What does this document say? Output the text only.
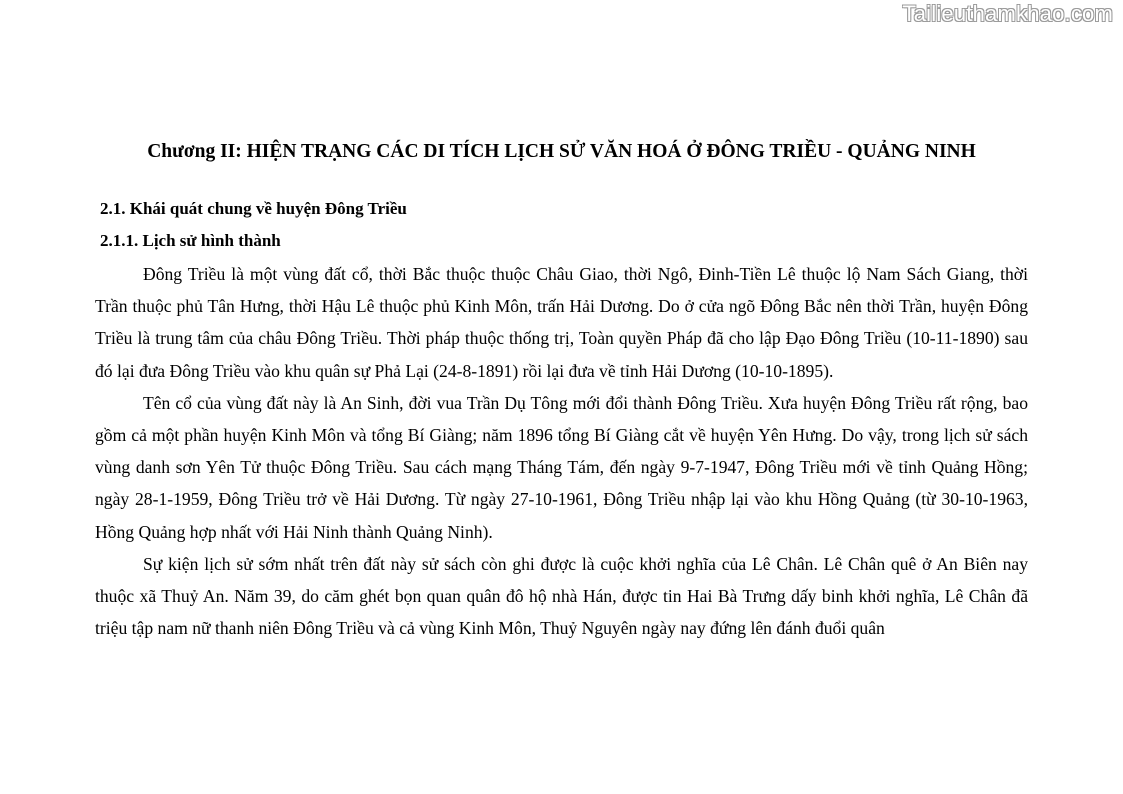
Tailieuthamkhao.com
Chương II: HIỆN TRẠNG CÁC DI TÍCH LỊCH SỬ VĂN HOÁ Ở ĐÔNG TRIỀU - QUẢNG NINH
2.1. Khái quát chung về huyện Đông Triều
2.1.1. Lịch sử hình thành

Đông Triều là một vùng đất cổ, thời Bắc thuộc thuộc Châu Giao, thời Ngô, Đinh-Tiền Lê thuộc lộ Nam Sách Giang, thời Trần thuộc phủ Tân Hưng, thời Hậu Lê thuộc phủ Kinh Môn, trấn Hải Dương. Do ở cửa ngõ Đông Bắc nên thời Trần, huyện Đông Triều là trung tâm của châu Đông Triều. Thời pháp thuộc thống trị, Toàn quyền Pháp đã cho lập Đạo Đông Triều (10-11-1890) sau đó lại đưa Đông Triều vào khu quân sự Phả Lại (24-8-1891) rồi lại đưa về tỉnh Hải Dương (10-10-1895).

Tên cổ của vùng đất này là An Sinh, đời vua Trần Dụ Tông mới đổi thành Đông Triều. Xưa huyện Đông Triều rất rộng, bao gồm cả một phần huyện Kinh Môn và tổng Bí Giàng; năm 1896 tổng Bí Giàng cắt về huyện Yên Hưng. Do vậy, trong lịch sử sách vùng danh sơn Yên Tử thuộc Đông Triều. Sau cách mạng Tháng Tám, đến ngày 9-7-1947, Đông Triều mới về tỉnh Quảng Hồng; ngày 28-1-1959, Đông Triều trở về Hải Dương. Từ ngày 27-10-1961, Đông Triều nhập lại vào khu Hồng Quảng (từ 30-10-1963, Hồng Quảng hợp nhất với Hải Ninh thành Quảng Ninh).

Sự kiện lịch sử sớm nhất trên đất này sử sách còn ghi được là cuộc khởi nghĩa của Lê Chân. Lê Chân quê ở An Biên nay thuộc xã Thuỷ An. Năm 39, do căm ghét bọn quan quân đô hộ nhà Hán, được tin Hai Bà Trưng dấy binh khởi nghĩa, Lê Chân đã triệu tập nam nữ thanh niên Đông Triều và cả vùng Kinh Môn, Thuỷ Nguyên ngày nay đứng lên đánh đuổi quân
